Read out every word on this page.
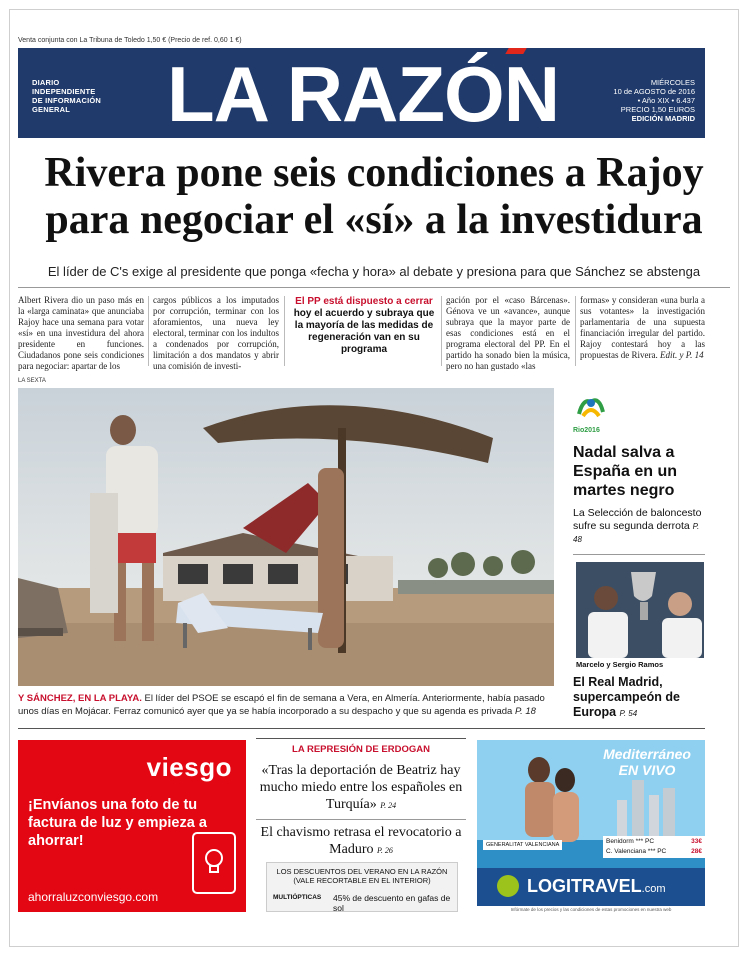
Venta conjunta con La Tribuna de Toledo 1,50 € (Precio de ref. 0,60 1 €)
DIARIO
INDEPENDIENTE
DE INFORMACIÓN
GENERAL	LA RAZÓN	MIÉRCOLES
10 de AGOSTO de 2016
• Año XIX • 6.437
PRECIO 1,50 EUROS
EDICIÓN MADRID
Rivera pone seis condiciones a Rajoy
para negociar el «sí» a la investidura
El líder de C's exige al presidente que ponga «fecha y hora» al debate y presiona para que Sánchez se abstenga
Albert Rivera dio un paso más en la «larga caminata» que anunciaba Rajoy hace una semana para votar «sí» en una investidura del ahora presidente en funciones. Ciudadanos pone seis condiciones para negociar: apartar de los
cargos públicos a los imputados por corrupción, terminar con los aforamientos, una nueva ley electoral, terminar con los indultos a condenados por corrupción, limitación a dos mandatos y abrir una comisión de investi-
El PP está dispuesto a cerrar hoy el acuerdo y subraya que la mayoría de las medidas de regeneración van en su programa
gación por el «caso Bárcenas». Génova ve un «avance», aunque subraya que la mayor parte de esas condiciones está en el programa electoral del PP. En el partido ha sonado bien la música, pero no han gustado «las
formas» y consideran «una burla a sus votantes» la investigación parlamentaria de una supuesta financiación irregular del partido. Rajoy contestará hoy a las propuestas de Rivera. Edit. y P. 14
LA SEXTA
Y SÁNCHEZ, EN LA PLAYA. El líder del PSOE se escapó el fin de semana a Vera, en Almería. Anteriormente, había pasado unos días en Mojácar. Ferraz comunicó ayer que ya se había incorporado a su despacho y que su agenda es privada P. 18
Rio2016
Nadal salva a España en un martes negro
La Selección de baloncesto sufre su segunda derrota P. 48
Marcelo y Sergio Ramos
El Real Madrid, supercampeón de Europa P. 54
viesgo
¡Envíanos una foto de tu factura de luz y empieza a ahorrar!
ahorraluzconviesgo.com
LA REPRESIÓN DE ERDOGAN
«Tras la deportación de Beatriz hay mucho miedo entre los españoles en Turquía» P. 24
El chavismo retrasa el revocatorio a Maduro P. 26
LOS DESCUENTOS DEL VERANO EN LA RAZÓN (VALE RECORTABLE EN EL INTERIOR)
MULTIÓPTICAS 45% de descuento en gafas de sol
Mediterráneo
EN VIVO
GENERALITAT VALENCIANA	Benidorm *** PC	33€
C. Valenciana *** PC	28€
LOGITRAVEL.com
Infórmate de los precios y las condiciones de estas promociones en nuestra web
